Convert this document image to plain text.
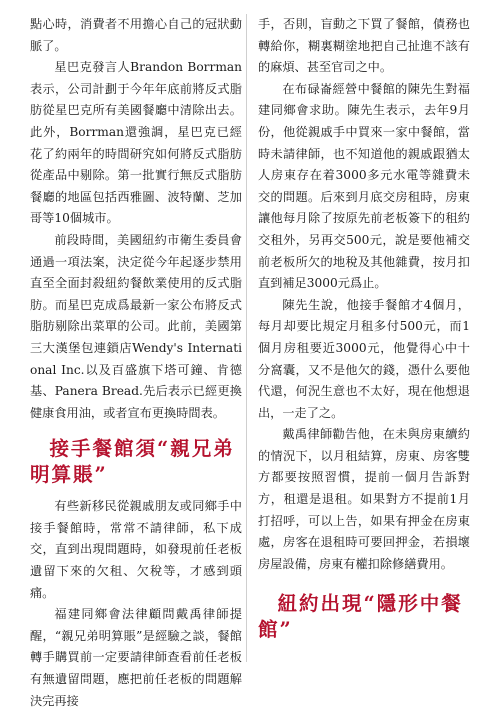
點心時，消費者不用擔心自己的冠狀動脈了。

星巴克發言人Brandon Borrman表示，公司計劃于今年年底前將反式脂肪從星巴克所有美國餐廳中清除出去。此外，Borrman還強調，星巴克已經花了約兩年的時間研究如何將反式脂肪從產品中剔除。第一批實行無反式脂肪餐廳的地區包括西雅圖、波特蘭、芝加哥等10個城市。

前段時間，美國紐約市衛生委員會通過一項法案，決定從今年起逐步禁用直至全面封殺紐約餐飲業使用的反式脂肪。而星巴克成爲最新一家公布將反式脂肪剔除出菜單的公司。此前，美國第三大漢堡包連鎖店Wendy's International Inc.以及百盛旗下塔可鐘、肯德基、Panera Bread.先后表示已經更換健康食用油，或者宣布更換時間表。

接手餐館須“親兄弟明算賬”

有些新移民從親戚朋友或同鄉手中接手餐館時，常常不請律師，私下成交，直到出現問題時，如發現前任老板遺留下來的欠租、欠稅等，才感到頭痛。

福建同鄉會法律顧問戴禹律師提醒，“親兄弟明算賬”是經驗之談，餐館轉手購買前一定要請律師查看前任老板有無遺留問題，應把前任老板的問題解決完再接

手，否則，盲動之下買了餐館，債務也轉給你，糊裏糊塗地把自己扯進不該有的麻煩、甚至官司之中。

在布碌崙經營中餐館的陳先生對福建同鄉會求助。陳先生表示，去年9月份，他從親戚手中買來一家中餐館，當時未請律師，也不知道他的親戚跟猶太人房東存在着3000多元水電等雜費未交的問題。后來到月底交房租時，房東讓他每月除了按原先前老板簽下的租約交租外，另再交500元，說是要他補交前老板所欠的地稅及其他雜費，按月扣直到補足3000元爲止。

陳先生說，他接手餐館才4個月，每月却要比規定月租多付500元，而1個月房租要近3000元，他覺得心中十分窩囊，又不是他欠的錢，憑什么要他代還，何況生意也不太好，現在他想退出，一走了之。

戴禹律師勸告他，在未與房東續約的情況下，以月租結算，房東、房客雙方都要按照習慣，提前一個月告訴對方，租還是退租。如果對方不提前1月打招呼，可以上告，如果有押金在房東處，房客在退租時可要回押金，若損壞房屋設備，房東有權扣除修繕費用。

紐約出現“隱形中餐館”
